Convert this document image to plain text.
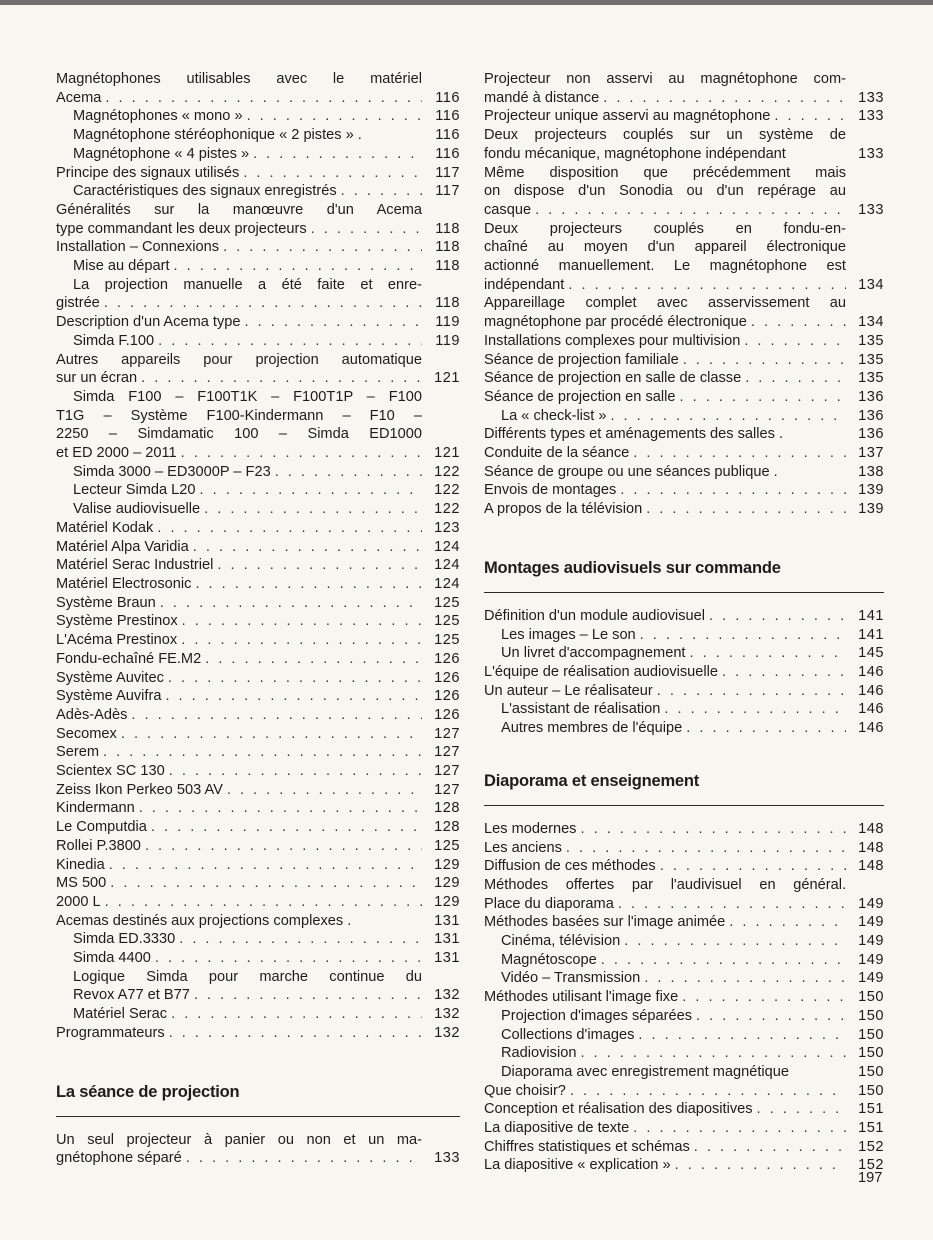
Magnétophones utilisables avec le matériel
Acema . . .	116
Magnétophones « mono » . . .	116
Magnétophone stéréophonique « 2 pistes » .	116
Magnétophone « 4 pistes » . . .	116
Principe des signaux utilisés . . .	117
Caractéristiques des signaux enregistrés . . .	117
Généralités sur la manœuvre d'un Acema
type commandant les deux projecteurs . . .	118
Installation – Connexions . . .	118
Mise au départ . . .	118
La projection manuelle a été faite et enre-
gistrée . . .	118
Description d'un Acema type . . .	119
Simda F.100 . . .	119
Autres appareils pour projection automatique
sur un écran . . .	121
Simda F100 – F100T1K – F100T1P – F100
T1G – Système F100-Kindermann – F10 –
2250 – Simdamatic 100 – Simda ED1000
et ED 2000 – 2011 . . .	121
Simda 3000 – ED3000P – F23 . . .	122
Lecteur Simda L20 . . .	122
Valise audiovisuelle . . .	122
Matériel Kodak . . .	123
Matériel Alpa Varidia . . .	124
Matériel Serac Industriel . . .	124
Matériel Electrosonic . . .	124
Système Braun . . .	125
Système Prestinox . . .	125
L'Acéma Prestinox . . .	125
Fondu-echaîné FE.M2 . . .	126
Système Auvitec . . .	126
Système Auvifra . . .	126
Adès-Adès . . .	126
Secomex . . .	127
Serem . . .	127
Scientex SC 130 . . .	127
Zeiss Ikon Perkeo 503 AV . . .	127
Kindermann . . .	128
Le Computdia . . .	128
Rollei P.3800 . . .	125
Kinedia . . .	129
MS 500 . . .	129
2000 L . . .	129
Acemas destinés aux projections complexes .	131
Simda ED.3330 . . .	131
Simda 4400 . . .	131
Logique Simda pour marche continue du
Revox A77 et B77 . . .	132
Matériel Serac . . .	132
Programmateurs . . .	132
La séance de projection
Un seul projecteur à panier ou non et un ma-
gnétophone séparé . . .	133
Projecteur non asservi au magnétophone com-
mandé à distance . . .	133
Projecteur unique asservi au magnétophone . . .	133
Deux projecteurs couplés sur un système de
fondu mécanique, magnétophone indépendant	133
Même disposition que précédemment mais
on dispose d'un Sonodia ou d'un repérage au
casque . . .	133
Deux projecteurs couplés en fondu-en-
chaîné au moyen d'un appareil électronique
actionné manuellement. Le magnétophone est
indépendant . . .	134
Appareillage complet avec asservissement au
magnétophone par procédé électronique . . .	134
Installations complexes pour multivision . . .	135
Séance de projection familiale . . .	135
Séance de projection en salle de classe . . .	135
Séance de projection en salle . . .	136
La « check-list » . . .	136
Différents types et aménagements des salles .	136
Conduite de la séance . . .	137
Séance de groupe ou une séances publique .	138
Envois de montages . . .	139
A propos de la télévision . . .	139
Montages audiovisuels sur commande
Définition d'un module audiovisuel . . .	141
Les images – Le son . . .	141
Un livret d'accompagnement . . .	145
L'équipe de réalisation audiovisuelle . . .	146
Un auteur – Le réalisateur . . .	146
L'assistant de réalisation . . .	146
Autres membres de l'équipe . . .	146
Diaporama et enseignement
Les modernes . . .	148
Les anciens . . .	148
Diffusion de ces méthodes . . .	148
Méthodes offertes par l'audivisuel en général.
Place du diaporama . . .	149
Méthodes basées sur l'image animée . . .	149
Cinéma, télévision . . .	149
Magnétoscope . . .	149
Vidéo – Transmission . . .	149
Méthodes utilisant l'image fixe . . .	150
Projection d'images séparées . . .	150
Collections d'images . . .	150
Radiovision . . .	150
Diaporama avec enregistrement magnétique	150
Que choisir? . . .	150
Conception et réalisation des diapositives . . .	151
La diapositive de texte . . .	151
Chiffres statistiques et schémas . . .	152
La diapositive « explication » . . .	152
197
